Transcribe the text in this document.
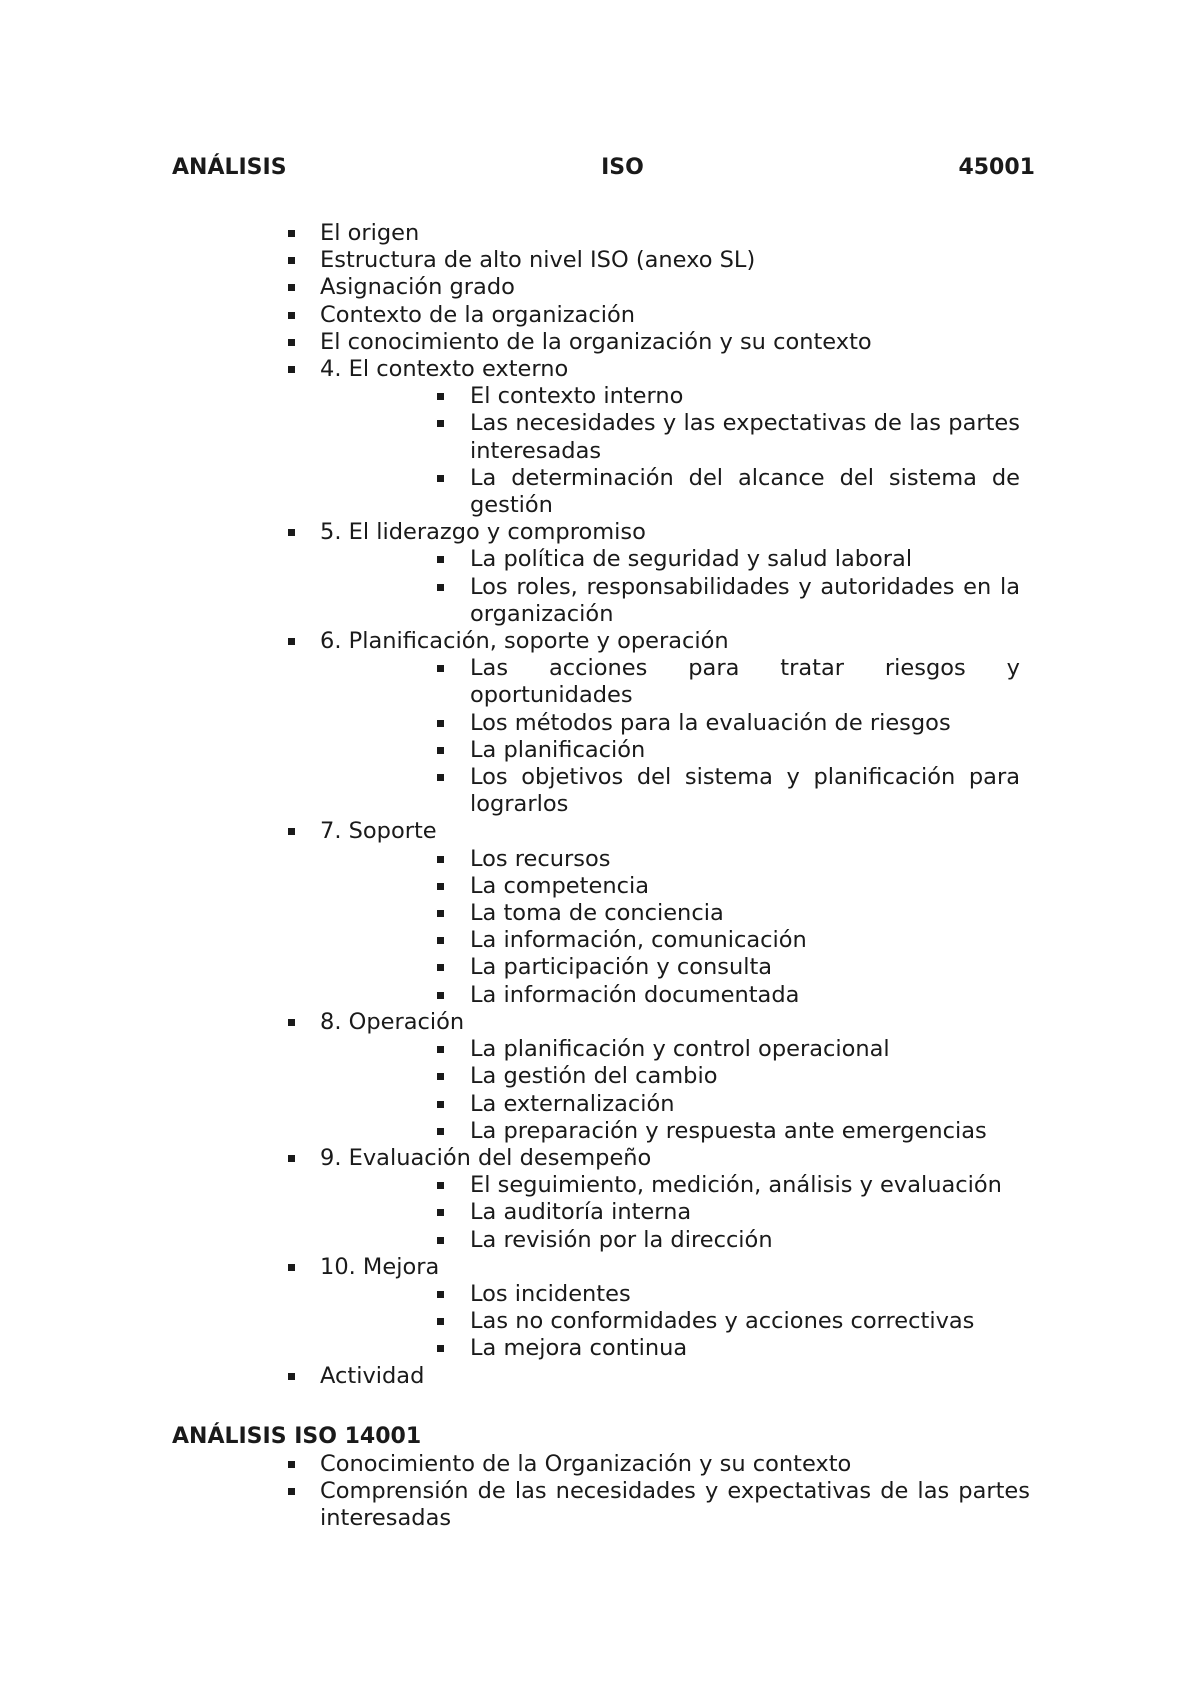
ANÁLISIS	ISO	45001
El origen
Estructura de alto nivel ISO (anexo SL)
Asignación grado
Contexto de la organización
El conocimiento de la organización y su contexto
4. El contexto externo
El contexto interno
Las necesidades y las expectativas de las partes interesadas
La determinación del alcance del sistema de gestión
5. El liderazgo y compromiso
La política de seguridad y salud laboral
Los roles, responsabilidades y autoridades en la organización
6. Planificación, soporte y operación
Las acciones para tratar riesgos y oportunidades
Los métodos para la evaluación de riesgos
La planificación
Los objetivos del sistema y planificación para lograrlos
7. Soporte
Los recursos
La competencia
La toma de conciencia
La información, comunicación
La participación y consulta
La información documentada
8. Operación
La planificación y control operacional
La gestión del cambio
La externalización
La preparación y respuesta ante emergencias
9. Evaluación del desempeño
El seguimiento, medición, análisis y evaluación
La auditoría interna
La revisión por la dirección
10. Mejora
Los incidentes
Las no conformidades y acciones correctivas
La mejora continua
Actividad
ANÁLISIS ISO 14001
Conocimiento de la Organización y su contexto
Comprensión de las necesidades y expectativas de las partes interesadas
